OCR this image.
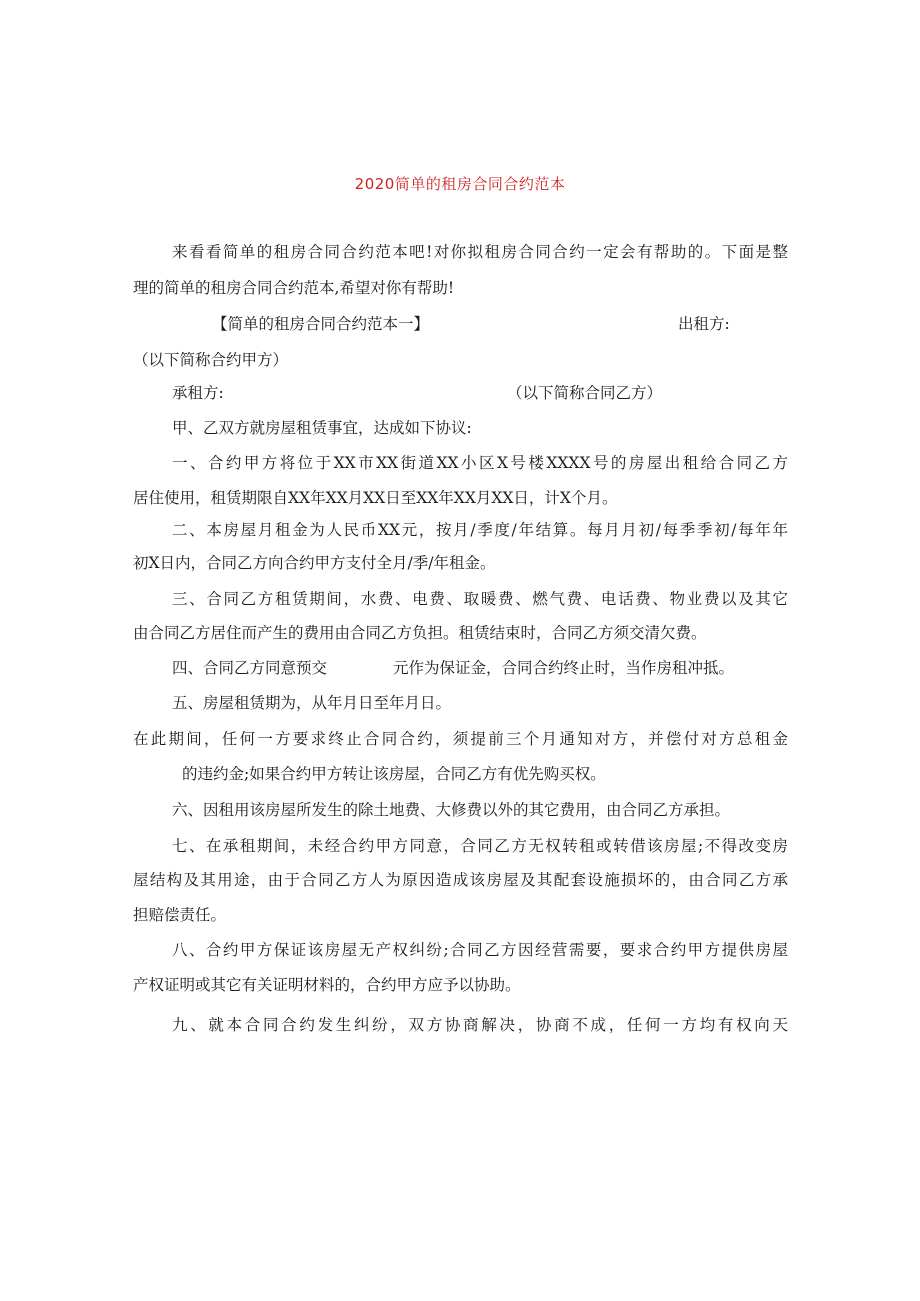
2020简单的租房合同合约范本
来看看简单的租房合同合约范本吧!对你拟租房合同合约一定会有帮助的。下面是整
理的简单的租房合同合约范本,希望对你有帮助!
【简单的租房合同合约范本一】	出租方:
（以下简称合约甲方）
承租方:	（以下简称合同乙方）
甲、乙双方就房屋租赁事宜，达成如下协议:
一、合约甲方将位于XX市XX街道XX小区X号楼XXXX号的房屋出租给合同乙方
居住使用，租赁期限自XX年XX月XX日至XX年XX月XX日，计X个月。
二、本房屋月租金为人民币XX元，按月/季度/年结算。每月月初/每季季初/每年年
初X日内，合同乙方向合约甲方支付全月/季/年租金。
三、合同乙方租赁期间，水费、电费、取暖费、燃气费、电话费、物业费以及其它
由合同乙方居住而产生的费用由合同乙方负担。租赁结束时，合同乙方须交清欠费。
四、合同乙方同意预交	元作为保证金，合同合约终止时，当作房租冲抵。
五、房屋租赁期为，从年月日至年月日。
在此期间，任何一方要求终止合同合约，须提前三个月通知对方，并偿付对方总租金
的违约金;如果合约甲方转让该房屋，合同乙方有优先购买权。
六、因租用该房屋所发生的除土地费、大修费以外的其它费用，由合同乙方承担。
七、在承租期间，未经合约甲方同意，合同乙方无权转租或转借该房屋;不得改变房
屋结构及其用途，由于合同乙方人为原因造成该房屋及其配套设施损坏的，由合同乙方承
担赔偿责任。
八、合约甲方保证该房屋无产权纠纷;合同乙方因经营需要，要求合约甲方提供房屋
产权证明或其它有关证明材料的，合约甲方应予以协助。
九、就本合同合约发生纠纷，双方协商解决，协商不成，任何一方均有权向天
